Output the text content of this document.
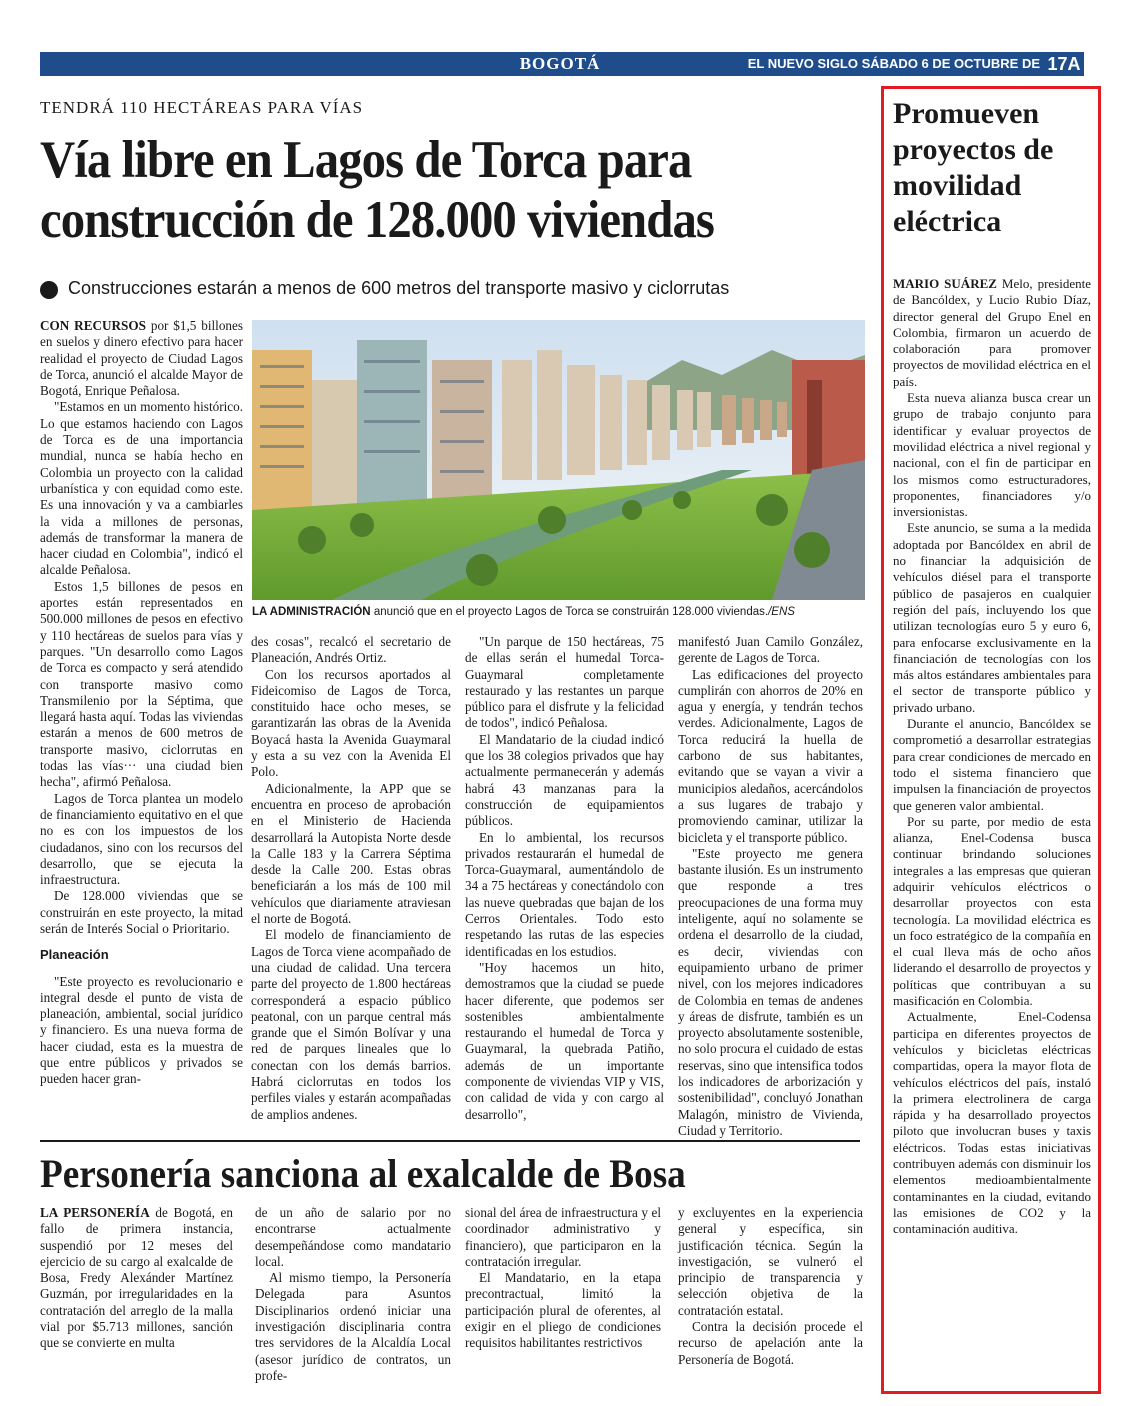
BOGOTÁ	EL NUEVO SIGLO SÁBADO 6 DE OCTUBRE DE 2018
17A
TENDRÁ 110 HECTÁREAS PARA VÍAS
Vía libre en Lagos de Torca para construcción de 128.000 viviendas
Construcciones estarán a menos de 600 metros del transporte masivo y ciclorrutas

CON RECURSOS por $1,5 billones en suelos y dinero efectivo para hacer realidad el proyecto de Ciudad Lagos de Torca, anunció el alcalde Mayor de Bogotá, Enrique Peñalosa.

"Estamos en un momento histórico. Lo que estamos haciendo con Lagos de Torca es de una importancia mundial, nunca se había hecho en Colombia un proyecto con la calidad urbanística y con equidad como este. Es una innovación y va a cambiarles la vida a millones de personas, además de transformar la manera de hacer ciudad en Colombia", indicó el alcalde Peñalosa.

Estos 1,5 billones de pesos en aportes están representados en 500.000 millones de pesos en efectivo y 110 hectáreas de suelos para vías y parques. "Un desarrollo como Lagos de Torca es compacto y será atendido con transporte masivo como Transmilenio por la Séptima, que llegará hasta aquí. Todas las viviendas estarán a menos de 600 metros de transporte masivo, ciclorrutas en todas las vías··· una ciudad bien hecha", afirmó Peñalosa.

Lagos de Torca plantea un modelo de financiamiento equitativo en el que no es con los impuestos de los ciudadanos, sino con los recursos del desarrollo, que se ejecuta la infraestructura.

De 128.000 viviendas que se construirán en este proyecto, la mitad serán de Interés Social o Prioritario.

Planeación

"Este proyecto es revolucionario e integral desde el punto de vista de planeación, ambiental, social jurídico y financiero. Es una nueva forma de hacer ciudad, esta es la muestra de que entre públicos y privados se pueden hacer gran-

LA ADMINISTRACIÓN anunció que en el proyecto Lagos de Torca se construirán 128.000 viviendas./ENS

des cosas", recalcó el secretario de Planeación, Andrés Ortiz.

Con los recursos aportados al Fideicomiso de Lagos de Torca, constituido hace ocho meses, se garantizarán las obras de la Avenida Boyacá hasta la Avenida Guaymaral y esta a su vez con la Avenida El Polo.

Adicionalmente, la APP que se encuentra en proceso de aprobación en el Ministerio de Hacienda desarrollará la Autopista Norte desde la Calle 183 y la Carrera Séptima desde la Calle 200. Estas obras beneficiarán a los más de 100 mil vehículos que diariamente atraviesan el norte de Bogotá.

El modelo de financiamiento de Lagos de Torca viene acompañado de una ciudad de calidad. Una tercera parte del proyecto de 1.800 hectáreas corresponderá a espacio público peatonal, con un parque central más grande que el Simón Bolívar y una red de parques lineales que lo conectan con los demás barrios. Habrá ciclorrutas en todos los perfiles viales y estarán acompañadas de amplios andenes.

"Un parque de 150 hectáreas, 75 de ellas serán el humedal Torca-Guaymaral completamente restaurado y las restantes un parque público para el disfrute y la felicidad de todos", indicó Peñalosa.

El Mandatario de la ciudad indicó que los 38 colegios privados que hay actualmente permanecerán y además habrá 43 manzanas para la construcción de equipamientos públicos.

En lo ambiental, los recursos privados restaurarán el humedal de Torca-Guaymaral, aumentándolo de 34 a 75 hectáreas y conectándolo con las nueve quebradas que bajan de los Cerros Orientales. Todo esto respetando las rutas de las especies identificadas en los estudios.

"Hoy hacemos un hito, demostramos que la ciudad se puede hacer diferente, que podemos ser sostenibles ambientalmente restaurando el humedal de Torca y Guaymaral, la quebrada Patiño, además de un importante componente de viviendas VIP y VIS, con calidad de vida y con cargo al desarrollo",

manifestó Juan Camilo González, gerente de Lagos de Torca.

Las edificaciones del proyecto cumplirán con ahorros de 20% en agua y energía, y tendrán techos verdes. Adicionalmente, Lagos de Torca reducirá la huella de carbono de sus habitantes, evitando que se vayan a vivir a municipios aledaños, acercándolos a sus lugares de trabajo y promoviendo caminar, utilizar la bicicleta y el transporte público.

"Este proyecto me genera bastante ilusión. Es un instrumento que responde a tres preocupaciones de una forma muy inteligente, aquí no solamente se ordena el desarrollo de la ciudad, es decir, viviendas con equipamiento urbano de primer nivel, con los mejores indicadores de Colombia en temas de andenes y áreas de disfrute, también es un proyecto absolutamente sostenible, no solo procura el cuidado de estas reservas, sino que intensifica todos los indicadores de arborización y sostenibilidad", concluyó Jonathan Malagón, ministro de Vivienda, Ciudad y Territorio.

Personería sanciona al exalcalde de Bosa

LA PERSONERÍA de Bogotá, en fallo de primera instancia, suspendió por 12 meses del ejercicio de su cargo al exalcalde de Bosa, Fredy Alexánder Martínez Guzmán, por irregularidades en la contratación del arreglo de la malla vial por $5.713 millones, sanción que se convierte en multa

de un año de salario por no encontrarse actualmente desempeñándose como mandatario local.

Al mismo tiempo, la Personería Delegada para Asuntos Disciplinarios ordenó iniciar una investigación disciplinaria contra tres servidores de la Alcaldía Local (asesor jurídico de contratos, un profe-

sional del área de infraestructura y el coordinador administrativo y financiero), que participaron en la contratación irregular.

El Mandatario, en la etapa precontractual, limitó la participación plural de oferentes, al exigir en el pliego de condiciones requisitos habilitantes restrictivos

y excluyentes en la experiencia general y específica, sin justificación técnica. Según la investigación, se vulneró el principio de transparencia y selección objetiva de la contratación estatal.

Contra la decisión procede el recurso de apelación ante la Personería de Bogotá.

Promueven proyectos de movilidad eléctrica

MARIO SUÁREZ Melo, presidente de Bancóldex, y Lucio Rubio Díaz, director general del Grupo Enel en Colombia, firmaron un acuerdo de colaboración para promover proyectos de movilidad eléctrica en el país.

Esta nueva alianza busca crear un grupo de trabajo conjunto para identificar y evaluar proyectos de movilidad eléctrica a nivel regional y nacional, con el fin de participar en los mismos como estructuradores, proponentes, financiadores y/o inversionistas.

Este anuncio, se suma a la medida adoptada por Bancóldex en abril de no financiar la adquisición de vehículos diésel para el transporte público de pasajeros en cualquier región del país, incluyendo los que utilizan tecnologías euro 5 y euro 6, para enfocarse exclusivamente en la financiación de tecnologías con los más altos estándares ambientales para el sector de transporte público y privado urbano.

Durante el anuncio, Bancóldex se comprometió a desarrollar estrategias para crear condiciones de mercado en todo el sistema financiero que impulsen la financiación de proyectos que generen valor ambiental.

Por su parte, por medio de esta alianza, Enel-Codensa busca continuar brindando soluciones integrales a las empresas que quieran adquirir vehículos eléctricos o desarrollar proyectos con esta tecnología. La movilidad eléctrica es un foco estratégico de la compañía en el cual lleva más de ocho años liderando el desarrollo de proyectos y políticas que contribuyan a su masificación en Colombia.

Actualmente, Enel-Codensa participa en diferentes proyectos de vehículos y bicicletas eléctricas compartidas, opera la mayor flota de vehículos eléctricos del país, instaló la primera electrolinera de carga rápida y ha desarrollado proyectos piloto que involucran buses y taxis eléctricos. Todas estas iniciativas contribuyen además con disminuir los elementos medioambientalmente contaminantes en la ciudad, evitando las emisiones de CO2 y la contaminación auditiva.
